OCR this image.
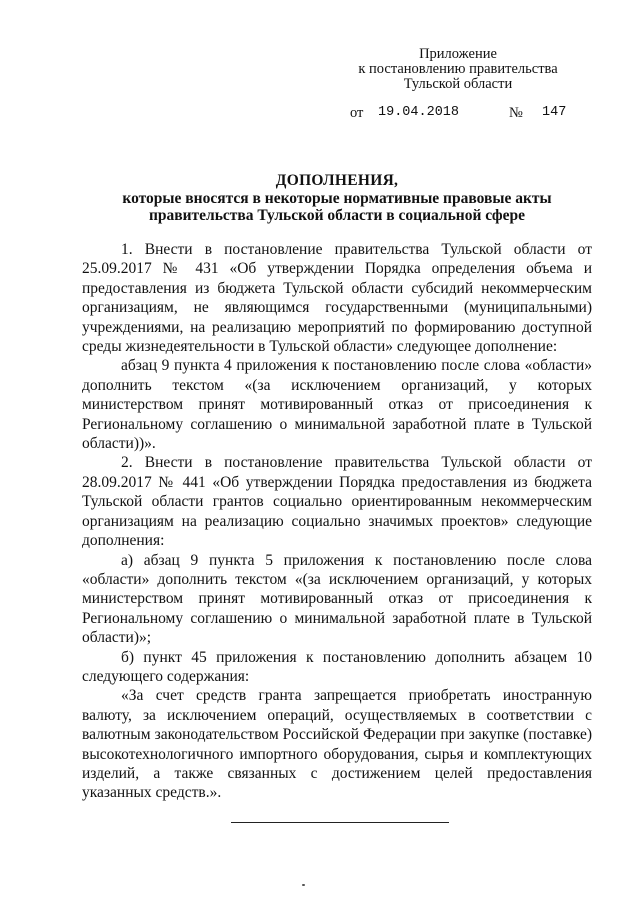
Приложение
к постановлению правительства
Тульской области
от 19.04.2018	№ 147
ДОПОЛНЕНИЯ,
которые вносятся в некоторые нормативные правовые акты
правительства Тульской области в социальной сфере

1. Внести в постановление правительства Тульской области от 25.09.2017 № 431 «Об утверждении Порядка определения объема и предоставления из бюджета Тульской области субсидий некоммерческим организациям, не являющимся государственными (муниципальными) учреждениями, на реализацию мероприятий по формированию доступной среды жизнедеятельности в Тульской области» следующее дополнение:

абзац 9 пункта 4 приложения к постановлению после слова «области» дополнить текстом «(за исключением организаций, у которых министерством принят мотивированный отказ от присоединения к Региональному соглашению о минимальной заработной плате в Тульской области))».

2. Внести в постановление правительства Тульской области от 28.09.2017 № 441 «Об утверждении Порядка предоставления из бюджета Тульской области грантов социально ориентированным некоммерческим организациям на реализацию социально значимых проектов» следующие дополнения:

а) абзац 9 пункта 5 приложения к постановлению после слова «области» дополнить текстом «(за исключением организаций, у которых министерством принят мотивированный отказ от присоединения к Региональному соглашению о минимальной заработной плате в Тульской области)»;

б) пункт 45 приложения к постановлению дополнить абзацем 10 следующего содержания:

«За счет средств гранта запрещается приобретать иностранную валюту, за исключением операций, осуществляемых в соответствии с валютным законодательством Российской Федерации при закупке (поставке) высокотехнологичного импортного оборудования, сырья и комплектующих изделий, а также связанных с достижением целей предоставления указанных средств.».
